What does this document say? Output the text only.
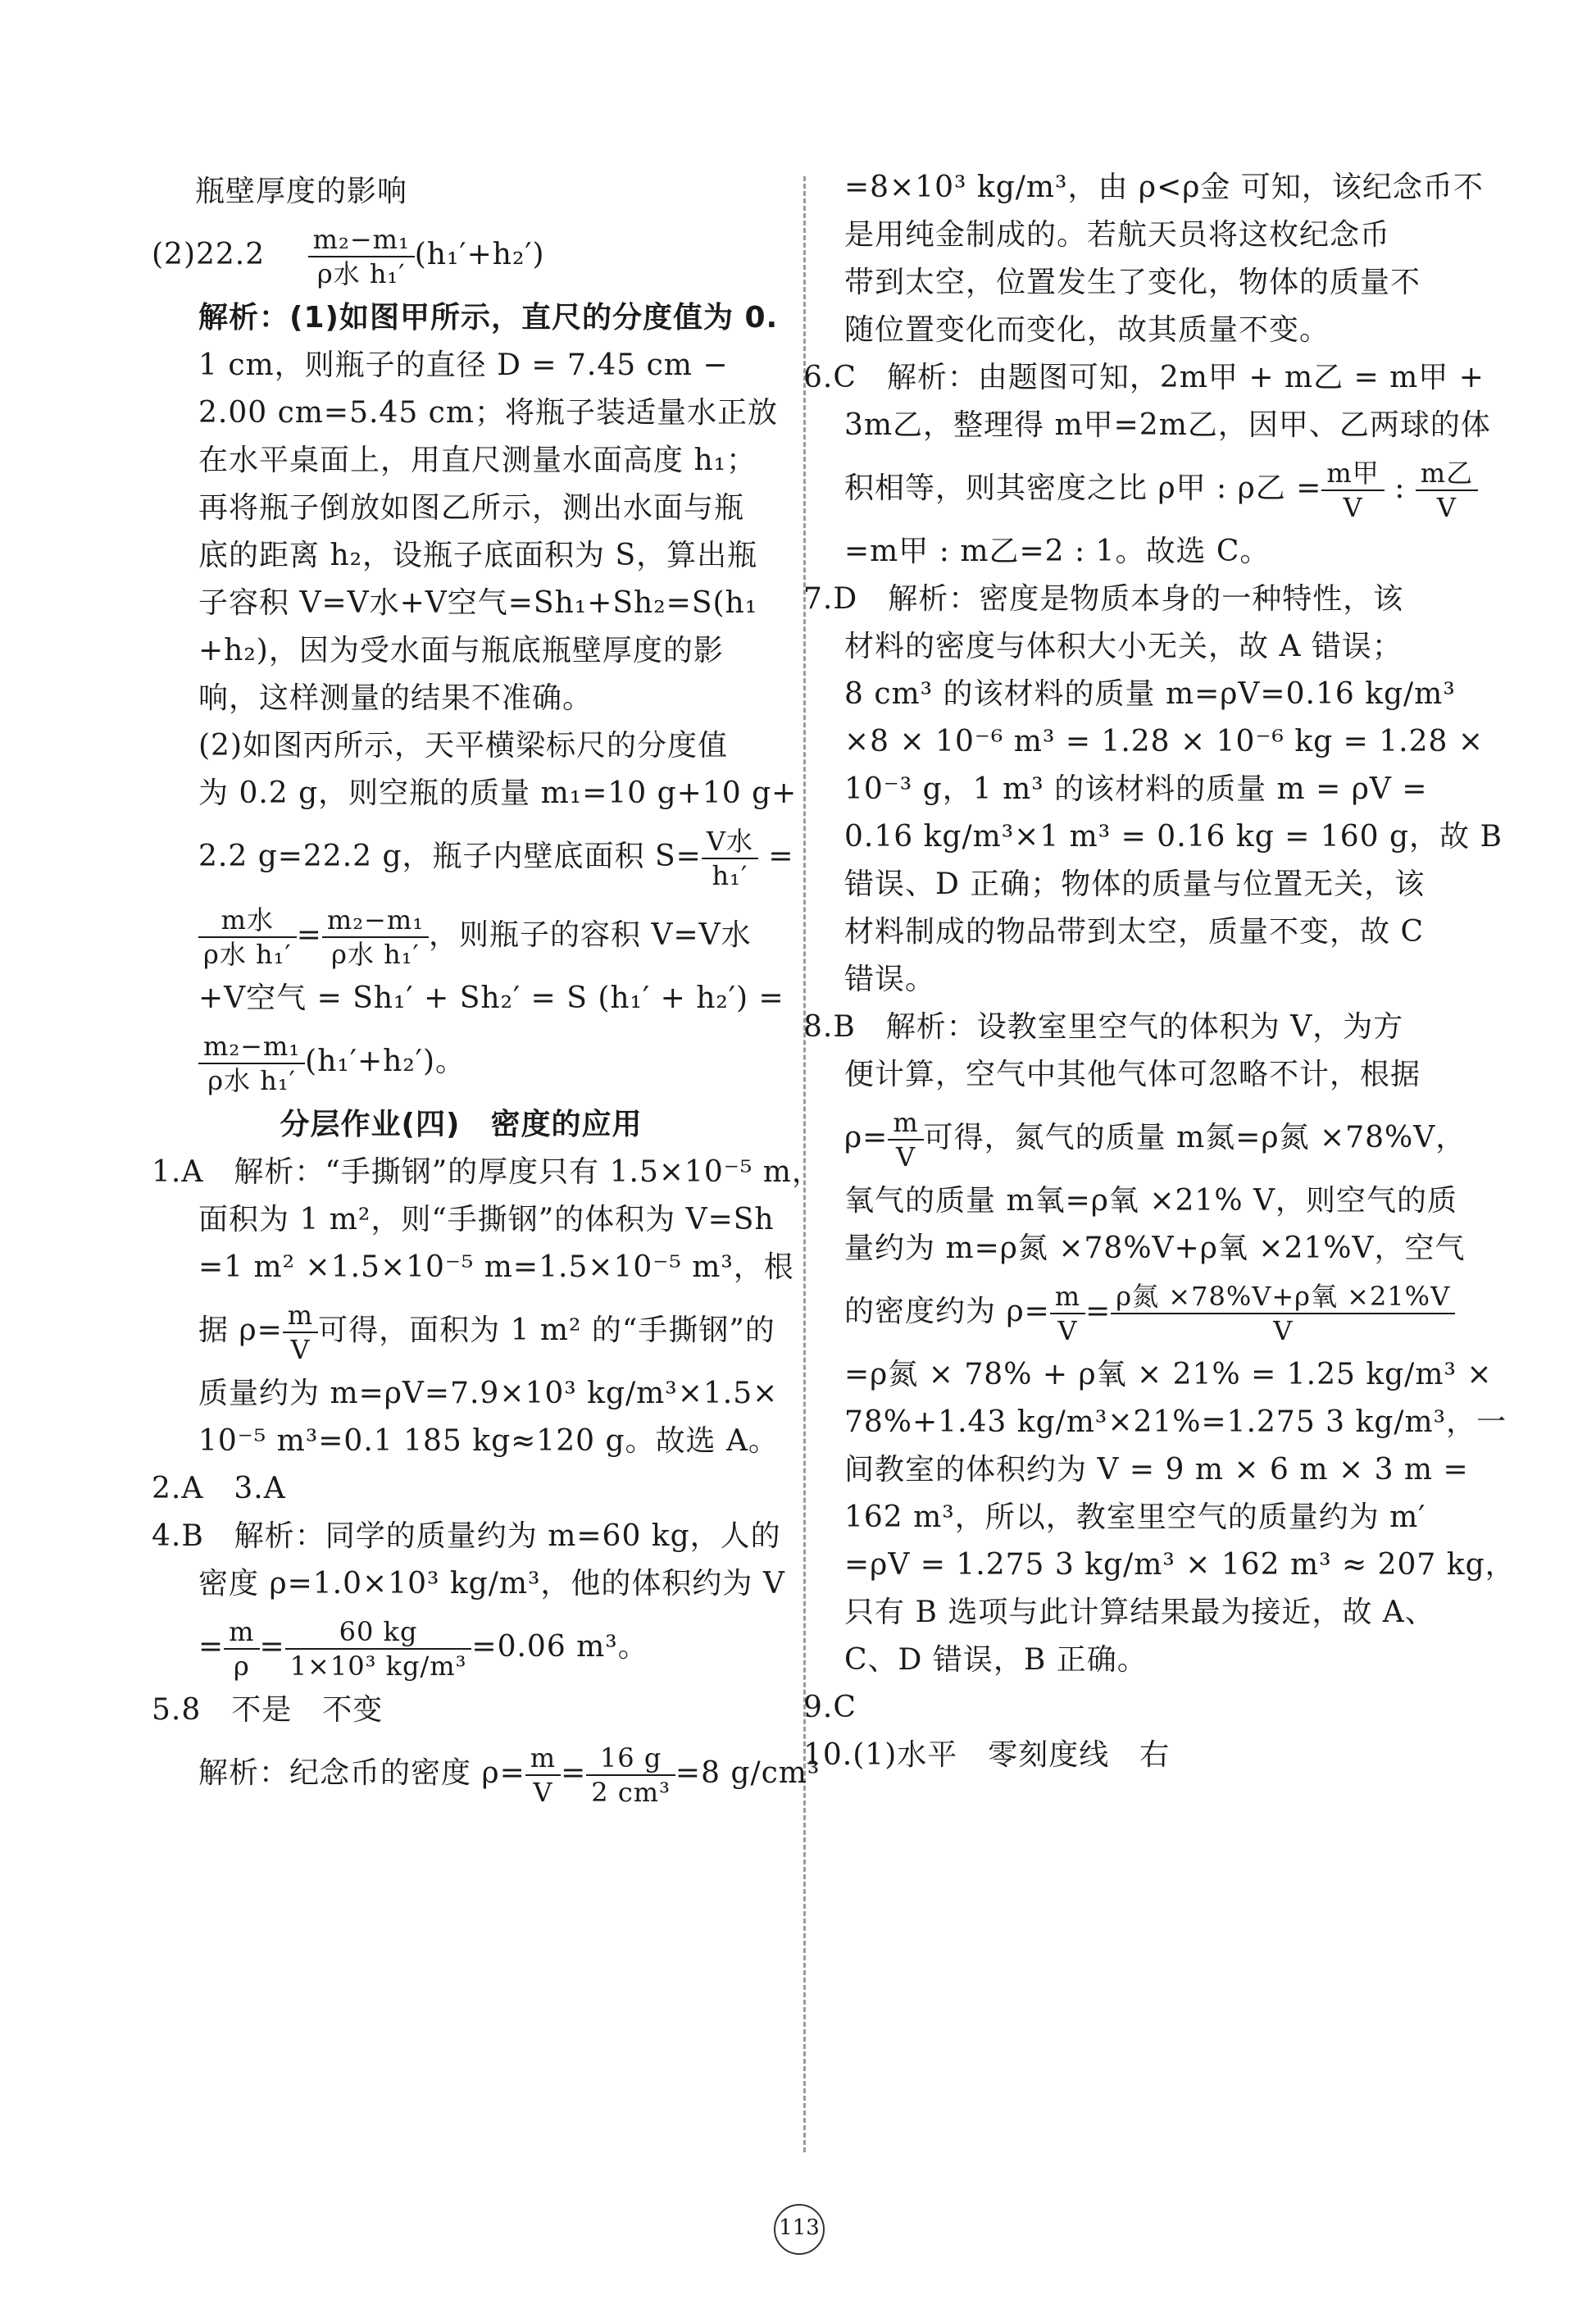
瓶壁厚度的影响
$(2)22.2 \frac{\text{m₂−m₁}}{\text{ρ水 h₁′}} (h_1'+h_2')$
解析：(1)如图甲所示，直尺的分度值为 0.
1 cm，则瓶子的直径 D = 7.45 cm −
2.00 cm=5.45 cm；将瓶子装适量水正放
在水平桌面上，用直尺测量水面高度 h₁；
再将瓶子倒放如图乙所示，测出水面与瓶
底的距离 h₂，设瓶子底面积为 S，算出瓶
子容积 V=V水+V空气=Sh₁+Sh₂=S(h₁
+h₂)，因为受水面与瓶底瓶壁厚度的影
响，这样测量的结果不准确。
(2)如图丙所示，天平横梁标尺的分度值
为 0.2 g，则空瓶的质量 m₁=10 g+10 g+
2.2 g=22.2 g，瓶子内壁底面积 $S= \frac{\text{V水}}{\text{h₁′}}$ =
$\frac{\text{m水}}{\text{ρ水 h₁′}} = \frac{\text{m₂−m₁}}{\text{ρ水 h₁′}}$ ，则瓶子的容积 V=V水
+V空气 = Sh₁′ + Sh₂′ = S (h₁′ + h₂′) =
$\frac{\text{m₂−m₁}}{\text{ρ水 h₁′}} (h_1'+h_2')$。
分层作业(四)　密度的应用
1.A　解析：“手撕钢”的厚度只有 1.5×10⁻⁵ m，
面积为 1 m²，则“手撕钢”的体积为 V=Sh
=1 m² ×1.5×10⁻⁵ m=1.5×10⁻⁵ m³，根
据 $\rho= \frac{m}{V}$ 可得，面积为 1 m² 的“手撕钢”的
质量约为 m=ρV=7.9×10³ kg/m³×1.5×
10⁻⁵ m³=0.1 185 kg≈120 g。故选 A。
2.A　3.A
4.B　解析：同学的质量约为 m=60 kg，人的
密度 ρ=1.0×10³ kg/m³，他的体积约为 V
= $\frac{m}{\rho} = \frac{60 kg}{\text{1×10³ kg/m³}} =0.06$ m³。
5.8　不是　不变
解析：纪念币的密度 $\rho= \frac{m}{V} = \frac{16 g}{\text{2 cm³}} =8$ g/cm³
=8×10³ kg/m³，由 ρ<ρ金 可知，该纪念币不
是用纯金制成的。若航天员将这枚纪念币
带到太空，位置发生了变化，物体的质量不
随位置变化而变化，故其质量不变。
6.C　解析：由题图可知，2m甲 + m乙 = m甲 +
3m乙，整理得 m甲=2m乙，因甲、乙两球的体
积相等，则其密度之比 ρ甲 : ρ乙 = $\frac{\text{m甲}}{V}$ : $\frac{\text{m乙}}{V}$
=m甲 : m乙=2 : 1。故选 C。
7.D　解析：密度是物质本身的一种特性，该
材料的密度与体积大小无关，故 A 错误；
8 cm³ 的该材料的质量 m=ρV=0.16 kg/m³
×8 × 10⁻⁶ m³ = 1.28 × 10⁻⁶ kg = 1.28 ×
10⁻³ g，1 m³ 的该材料的质量 m = ρV =
0.16 kg/m³×1 m³ = 0.16 kg = 160 g，故 B
错误、D 正确；物体的质量与位置无关，该
材料制成的物品带到太空，质量不变，故 C
错误。
8.B　解析：设教室里空气的体积为 V，为方
便计算，空气中其他气体可忽略不计，根据
$\rho= \frac{m}{V}$ 可得，氮气的质量 m氮=ρ氮 ×78%V，
氧气的质量 m氧=ρ氧 ×21% V，则空气的质
量约为 m=ρ氮 ×78%V+ρ氧 ×21%V，空气
的密度约为 $\rho= \frac{m}{V} = \frac{\text{ρ氮 ×78\%V+ρ氧 ×21\%V}}{V}$
=ρ氮 × 78% + ρ氧 × 21% = 1.25 kg/m³ ×
78%+1.43 kg/m³×21%=1.275 3 kg/m³，一
间教室的体积约为 V = 9 m × 6 m × 3 m =
162 m³，所以，教室里空气的质量约为 m′
=ρV = 1.275 3 kg/m³ × 162 m³ ≈ 207 kg，
只有 B 选项与此计算结果最为接近，故 A、
C、D 错误，B 正确。
9.C
10.(1)水平　零刻度线　右
113
